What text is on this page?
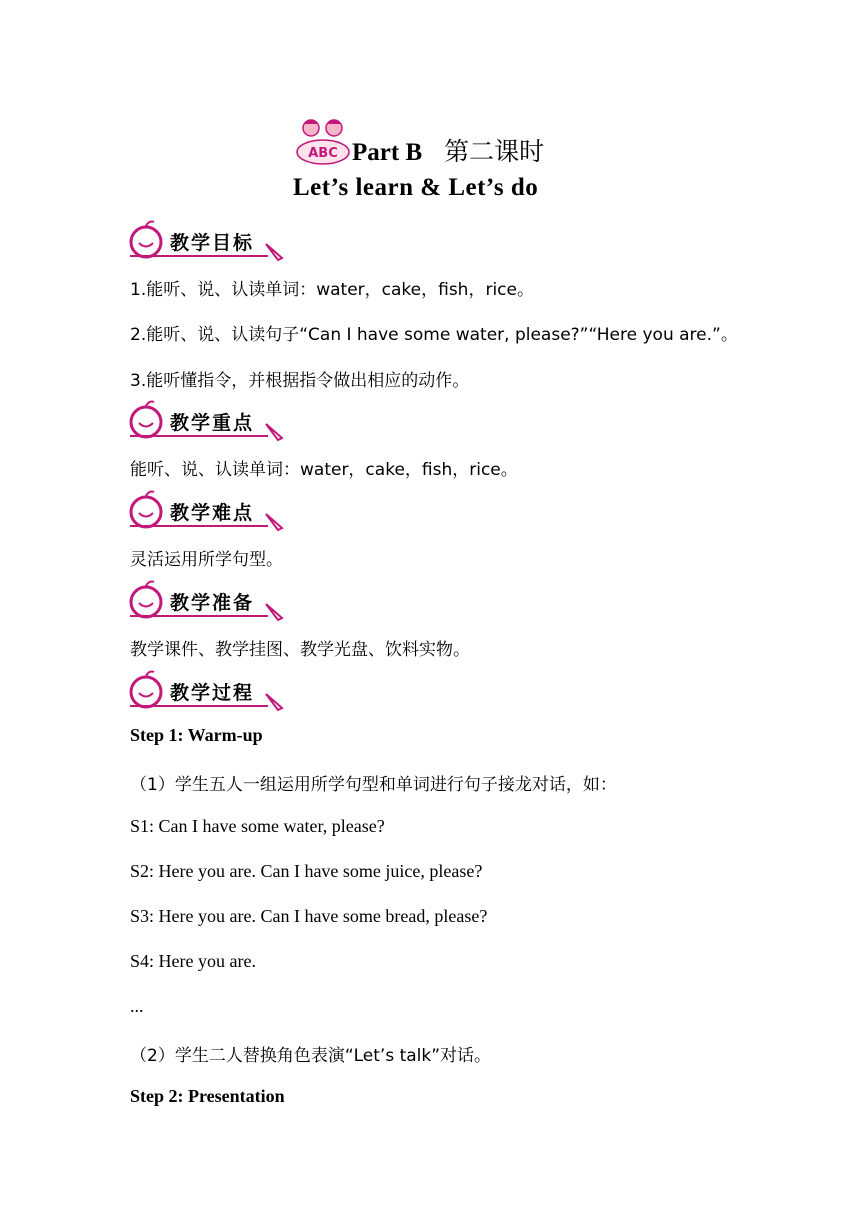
ABC Part B 第二课时
Let’s learn & Let’s do
教学目标
1.能听、说、认读单词：water，cake，fish，rice。
2.能听、说、认读句子“Can I have some water, please?”“Here you are.”。
3.能听懂指令，并根据指令做出相应的动作。
教学重点
能听、说、认读单词：water，cake，fish，rice。
教学难点
灵活运用所学句型。
教学准备
教学课件、教学挂图、教学光盘、饮料实物。
教学过程
Step 1: Warm-up
（1）学生五人一组运用所学句型和单词进行句子接龙对话，如：
S1: Can I have some water, please?
S2: Here you are. Can I have some juice, please?
S3: Here you are. Can I have some bread, please?
S4: Here you are.
...
（2）学生二人替换角色表演“Let’s talk”对话。
Step 2: Presentation
